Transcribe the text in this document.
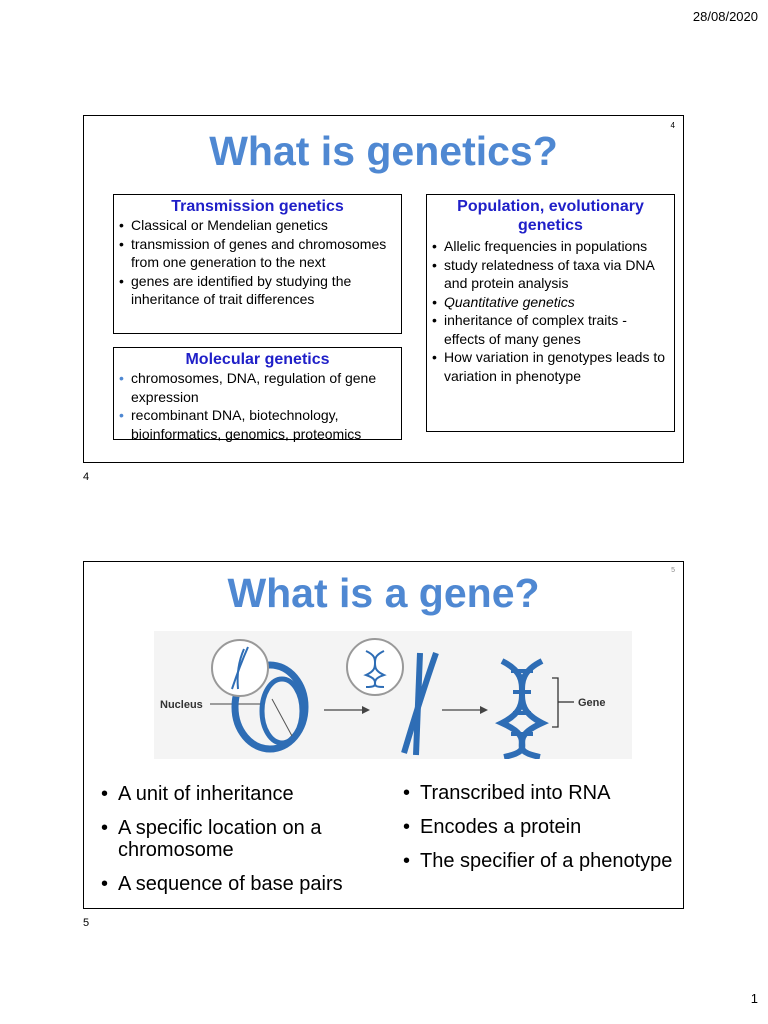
28/08/2020
4
What is genetics?
Transmission genetics
• Classical or Mendelian genetics
• transmission of genes and chromosomes from one generation to the next
• genes are identified by studying the inheritance of trait differences
Molecular genetics
• chromosomes, DNA, regulation of gene expression
• recombinant DNA, biotechnology, bioinformatics, genomics, proteomics
Population, evolutionary genetics
• Allelic frequencies in populations
• study relatedness of taxa via DNA and protein analysis
• Quantitative genetics
• inheritance of complex traits - effects of many genes
• How variation in genotypes leads to variation in phenotype
4
5
What is a gene?
Nucleus	Gene
• A unit of inheritance
• A specific location on a chromosome
• A sequence of base pairs
• Transcribed into RNA
• Encodes a protein
• The specifier of a phenotype
5
1
